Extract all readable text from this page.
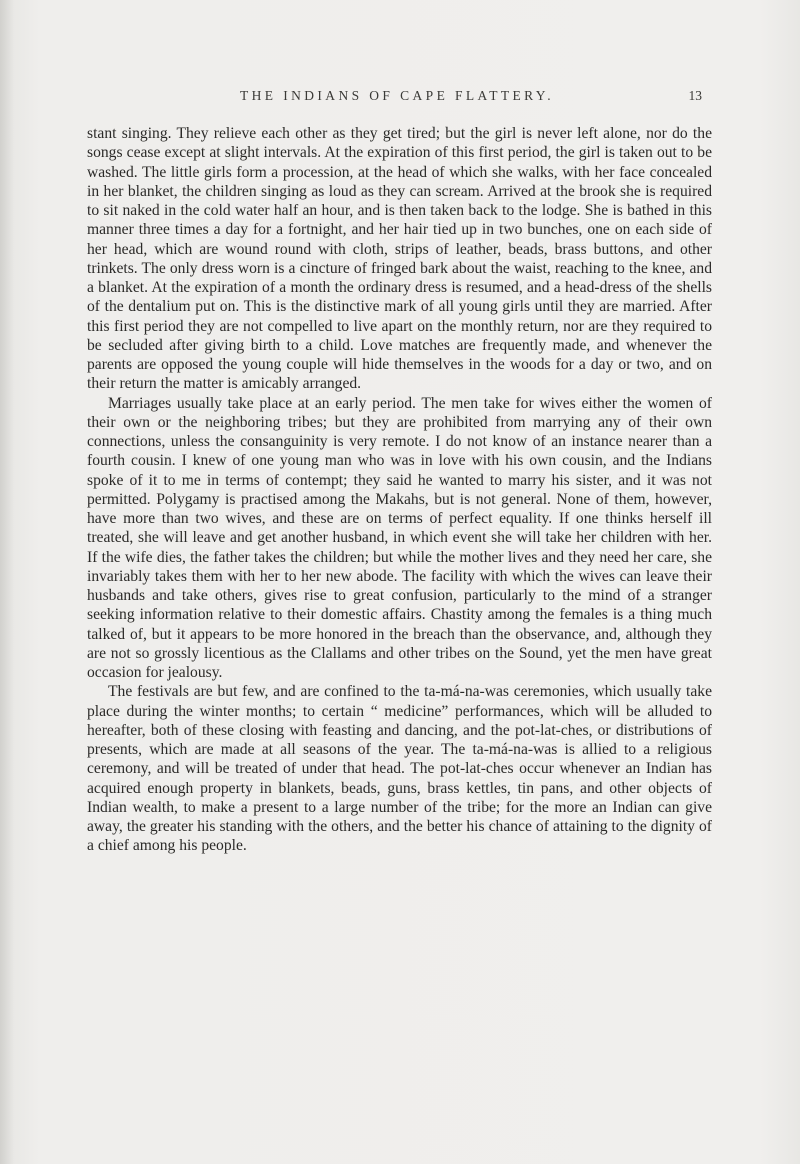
THE INDIANS OF CAPE FLATTERY.	13

stant singing. They relieve each other as they get tired; but the girl is never left alone, nor do the songs cease except at slight intervals. At the expiration of this first period, the girl is taken out to be washed. The little girls form a procession, at the head of which she walks, with her face concealed in her blanket, the children singing as loud as they can scream. Arrived at the brook she is required to sit naked in the cold water half an hour, and is then taken back to the lodge. She is bathed in this manner three times a day for a fortnight, and her hair tied up in two bunches, one on each side of her head, which are wound round with cloth, strips of leather, beads, brass buttons, and other trinkets. The only dress worn is a cincture of fringed bark about the waist, reaching to the knee, and a blanket. At the expiration of a month the ordinary dress is resumed, and a head-dress of the shells of the dentalium put on. This is the distinctive mark of all young girls until they are married. After this first period they are not compelled to live apart on the monthly return, nor are they required to be secluded after giving birth to a child. Love matches are frequently made, and whenever the parents are opposed the young couple will hide themselves in the woods for a day or two, and on their return the matter is amicably arranged.

Marriages usually take place at an early period. The men take for wives either the women of their own or the neighboring tribes; but they are prohibited from marrying any of their own connections, unless the consanguinity is very remote. I do not know of an instance nearer than a fourth cousin. I knew of one young man who was in love with his own cousin, and the Indians spoke of it to me in terms of contempt; they said he wanted to marry his sister, and it was not permitted. Polygamy is practised among the Makahs, but is not general. None of them, however, have more than two wives, and these are on terms of perfect equality. If one thinks herself ill treated, she will leave and get another husband, in which event she will take her children with her. If the wife dies, the father takes the children; but while the mother lives and they need her care, she invariably takes them with her to her new abode. The facility with which the wives can leave their husbands and take others, gives rise to great confusion, particularly to the mind of a stranger seeking information relative to their domestic affairs. Chastity among the females is a thing much talked of, but it appears to be more honored in the breach than the observance, and, although they are not so grossly licentious as the Clallams and other tribes on the Sound, yet the men have great occasion for jealousy.

The festivals are but few, and are confined to the ta-má-na-was ceremonies, which usually take place during the winter months; to certain “ medicine” performances, which will be alluded to hereafter, both of these closing with feasting and dancing, and the pot-lat-ches, or distributions of presents, which are made at all seasons of the year. The ta-má-na-was is allied to a religious ceremony, and will be treated of under that head. The pot-lat-ches occur whenever an Indian has acquired enough property in blankets, beads, guns, brass kettles, tin pans, and other objects of Indian wealth, to make a present to a large number of the tribe; for the more an Indian can give away, the greater his standing with the others, and the better his chance of attaining to the dignity of a chief among his people.
